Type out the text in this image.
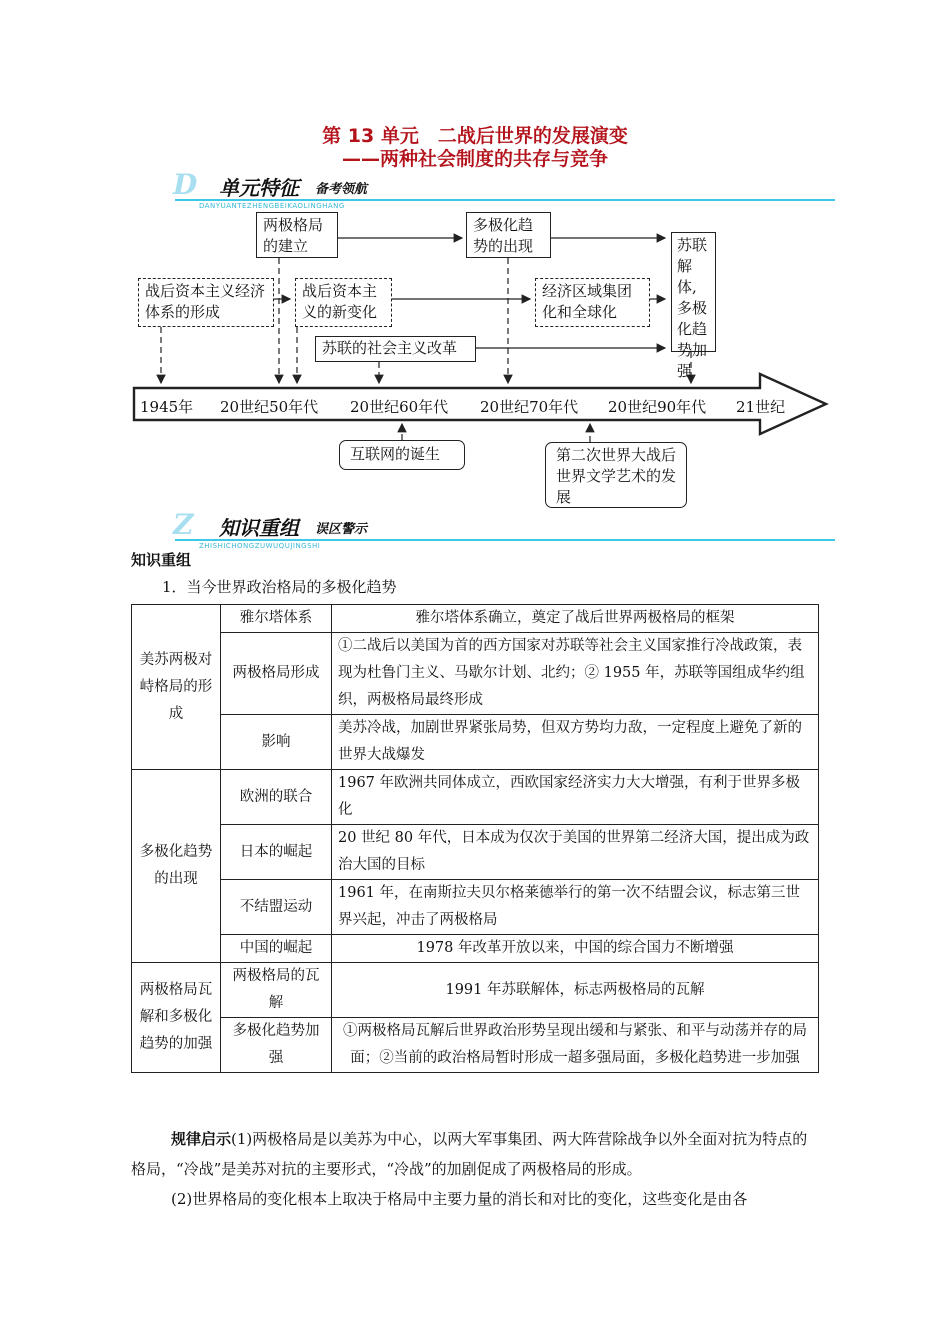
第 13 单元　二战后世界的发展演变
——两种社会制度的共存与竞争
D 单元特征 备考领航
DANYUANTEZHENGBEIKAOLINGHANG
两极格局的建立
多极化趋势的出现	苏联解体,多极化趋势加强
战后资本主义经济体系的形成
战后资本主义的新变化
经济区域集团化和全球化
苏联的社会主义改革
互联网的诞生	第二次世界大战后世界文学艺术的发展
1945年 20世纪50年代 20世纪60年代 20世纪70年代 20世纪90年代 21世纪
Z 知识重组 误区警示
ZHISHICHONGZUWUQUJINGSHI
知识重组
1．当今世界政治格局的多极化趋势
美苏两极对峙格局的形成	雅尔塔体系	雅尔塔体系确立，奠定了战后世界两极格局的框架
	两极格局形成	①二战后以美国为首的西方国家对苏联等社会主义国家推行冷战政策，表现为杜鲁门主义、马歇尔计划、北约；② 1955 年，苏联等国组成华约组织，两极格局最终形成
	影响	美苏冷战，加剧世界紧张局势，但双方势均力敌，一定程度上避免了新的世界大战爆发
多极化趋势的出现	欧洲的联合	1967 年欧洲共同体成立，西欧国家经济实力大大增强，有利于世界多极化
	日本的崛起	20 世纪 80 年代，日本成为仅次于美国的世界第二经济大国，提出成为政治大国的目标
	不结盟运动	1961 年，在南斯拉夫贝尔格莱德举行的第一次不结盟会议，标志第三世界兴起，冲击了两极格局
	中国的崛起	1978 年改革开放以来，中国的综合国力不断增强
两极格局瓦解和多极化趋势的加强	两极格局的瓦解	1991 年苏联解体，标志两极格局的瓦解
	多极化趋势加强	①两极格局瓦解后世界政治形势呈现出缓和与紧张、和平与动荡并存的局面；②当前的政治格局暂时形成一超多强局面，多极化趋势进一步加强
规律启示(1)两极格局是以美苏为中心，以两大军事集团、两大阵营除战争以外全面对抗为特点的格局，“冷战”是美苏对抗的主要形式，“冷战”的加剧促成了两极格局的形成。
(2)世界格局的变化根本上取决于格局中主要力量的消长和对比的变化，这些变化是由各
